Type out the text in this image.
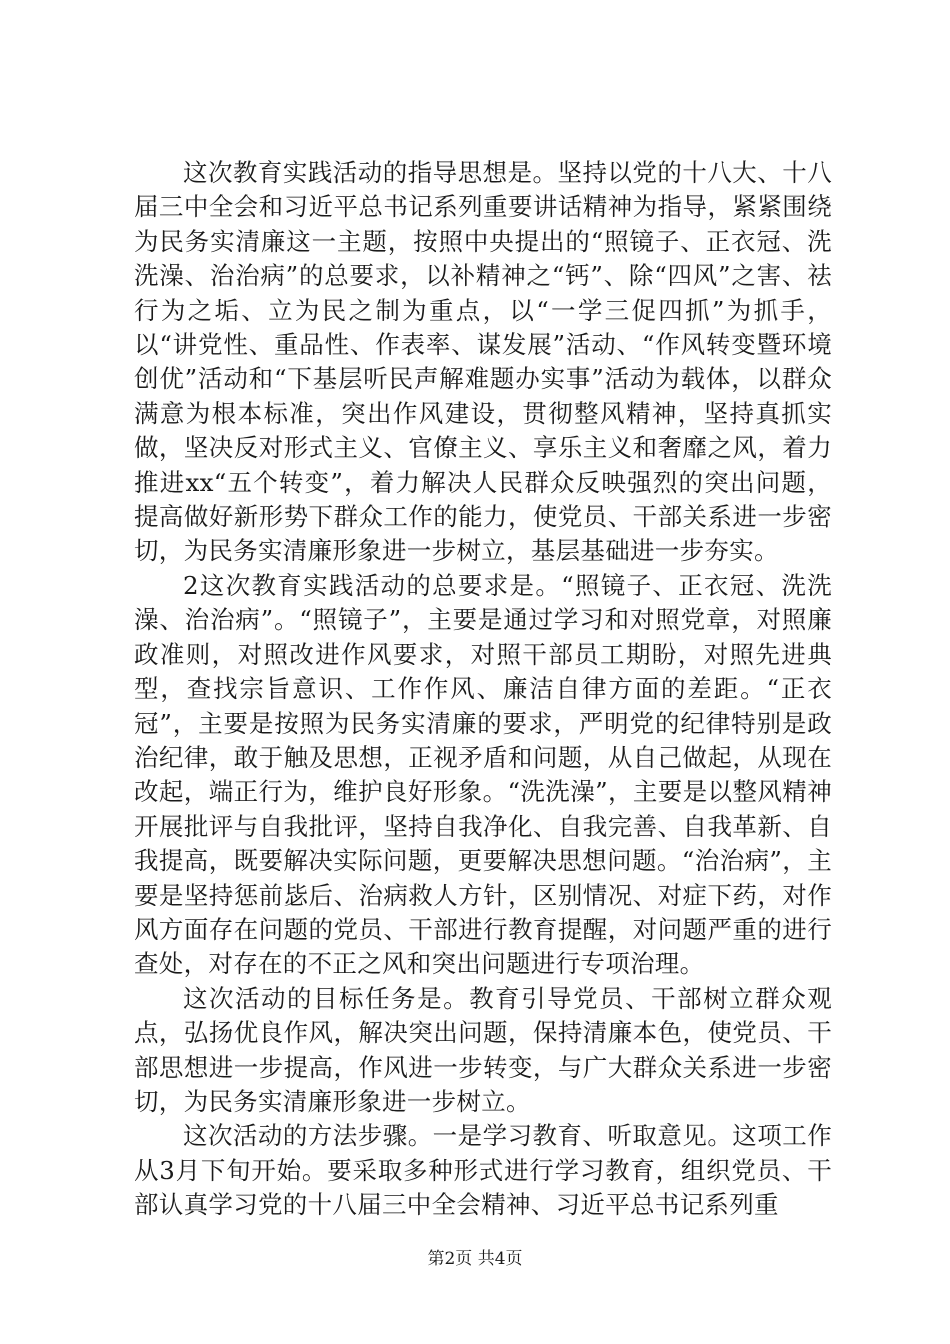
这次教育实践活动的指导思想是。坚持以党的十八大、十八届三中全会和习近平总书记系列重要讲话精神为指导，紧紧围绕为民务实清廉这一主题，按照中央提出的“照镜子、正衣冠、洗洗澡、治治病”的总要求，以补精神之“钙”、除“四风”之害、祛行为之垢、立为民之制为重点，以“一学三促四抓”为抓手，以“讲党性、重品性、作表率、谋发展”活动、“作风转变暨环境创优”活动和“下基层听民声解难题办实事”活动为载体，以群众满意为根本标准，突出作风建设，贯彻整风精神，坚持真抓实做，坚决反对形式主义、官僚主义、享乐主义和奢靡之风，着力推进xx“五个转变”，着力解决人民群众反映强烈的突出问题，提高做好新形势下群众工作的能力，使党员、干部关系进一步密切，为民务实清廉形象进一步树立，基层基础进一步夯实。

2这次教育实践活动的总要求是。“照镜子、正衣冠、洗洗澡、治治病”。“照镜子”，主要是通过学习和对照党章，对照廉政准则，对照改进作风要求，对照干部员工期盼，对照先进典型，查找宗旨意识、工作作风、廉洁自律方面的差距。“正衣冠”，主要是按照为民务实清廉的要求，严明党的纪律特别是政治纪律，敢于触及思想，正视矛盾和问题，从自己做起，从现在改起，端正行为，维护良好形象。“洗洗澡”，主要是以整风精神开展批评与自我批评，坚持自我净化、自我完善、自我革新、自我提高，既要解决实际问题，更要解决思想问题。“治治病”，主要是坚持惩前毖后、治病救人方针，区别情况、对症下药，对作风方面存在问题的党员、干部进行教育提醒，对问题严重的进行查处，对存在的不正之风和突出问题进行专项治理。

这次活动的目标任务是。教育引导党员、干部树立群众观点，弘扬优良作风，解决突出问题，保持清廉本色，使党员、干部思想进一步提高，作风进一步转变，与广大群众关系进一步密切，为民务实清廉形象进一步树立。

这次活动的方法步骤。一是学习教育、听取意见。这项工作从3月下旬开始。要采取多种形式进行学习教育，组织党员、干部认真学习党的十八届三中全会精神、习近平总书记系列重

第2页 共4页
